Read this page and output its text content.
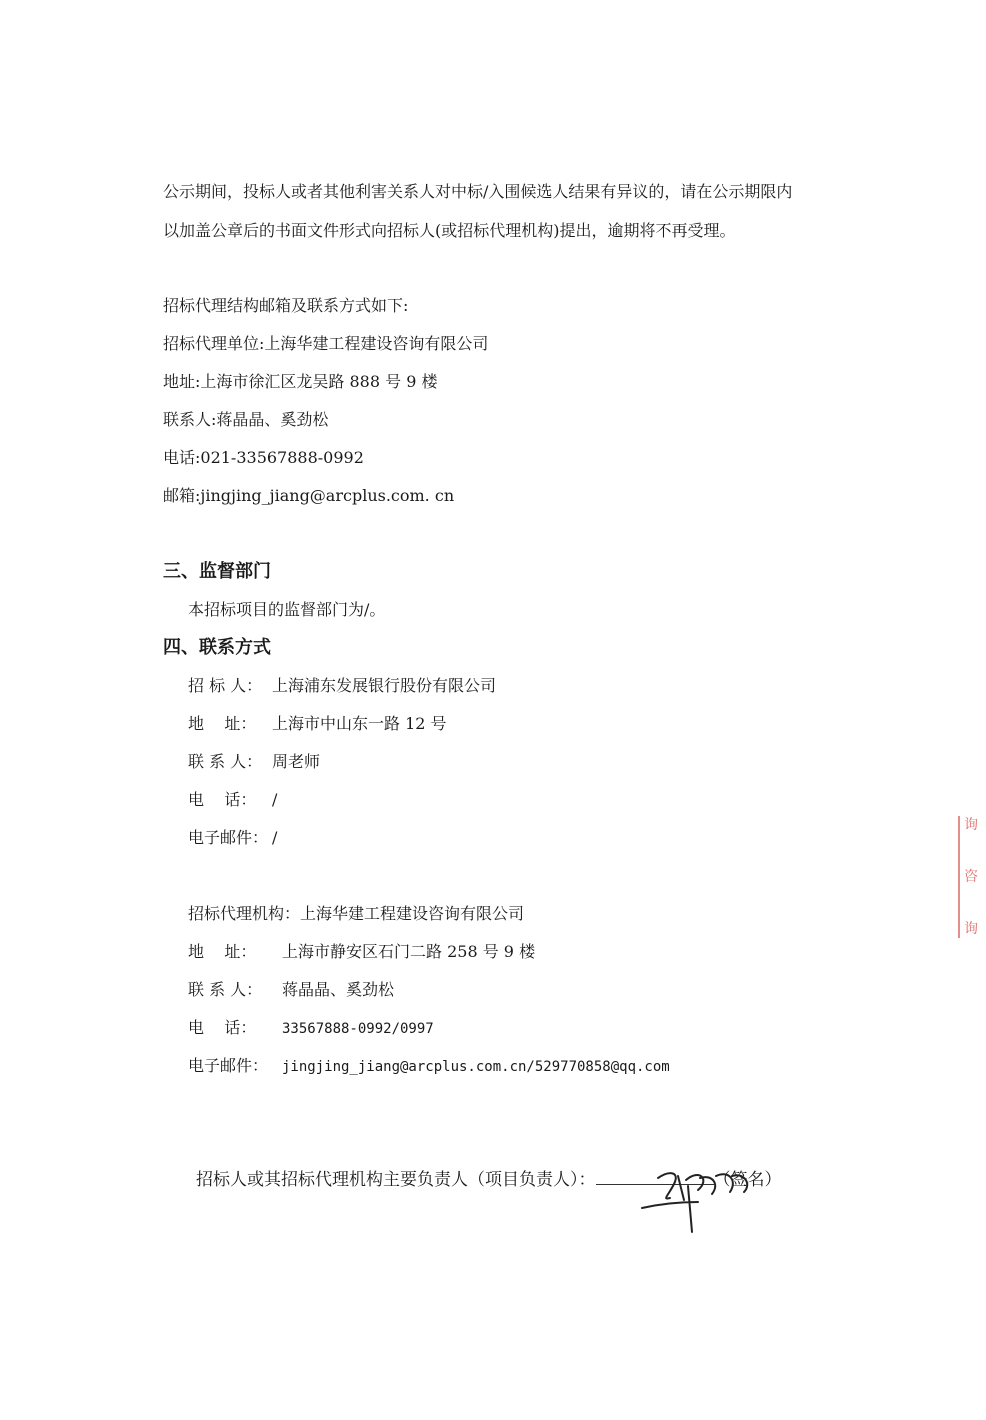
公示期间，投标人或者其他利害关系人对中标/入围候选人结果有异议的，请在公示期限内
以加盖公章后的书面文件形式向招标人(或招标代理机构)提出，逾期将不再受理。
招标代理结构邮箱及联系方式如下:
招标代理单位:上海华建工程建设咨询有限公司
地址:上海市徐汇区龙吴路 888 号 9 楼
联系人:蒋晶晶、奚劲松
电话:021-33567888-0992
邮箱:jingjing_jiang@arcplus.com. cn
三、监督部门
本招标项目的监督部门为/。
四、联系方式
招 标 人： 上海浦东发展银行股份有限公司
地    址： 上海市中山东一路 12 号
联 系 人： 周老师
电    话： /
电子邮件： /
招标代理机构：上海华建工程建设咨询有限公司
地    址： 上海市静安区石门二路 258 号 9 楼
联 系 人： 蒋晶晶、奚劲松
电    话： 33567888-0992/0997
电子邮件： jingjing_jiang@arcplus.com.cn/529770858@qq.com
招标人或其招标代理机构主要负责人（项目负责人）：	（签名）
询
咨
询
